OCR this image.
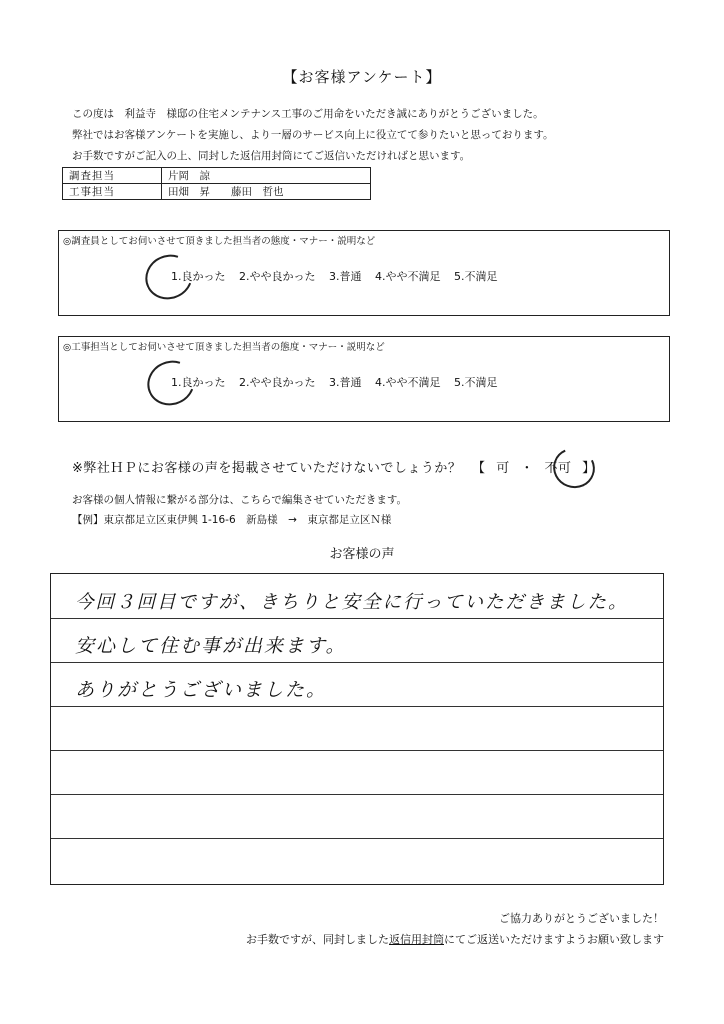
【お客様アンケート】
この度は　利益寺　様邸の住宅メンテナンス工事のご用命をいただき誠にありがとうございました。
弊社ではお客様アンケートを実施し、より一層のサービス向上に役立てて参りたいと思っております。
お手数ですがご記入の上、同封した返信用封筒にてご返信いただければと思います。
調査担当	片岡　諒
工事担当	田畑　昇　　藤田　哲也
◎調査員としてお伺いさせて頂きました担当者の態度・マナー・説明など
1.良かった 2.やや良かった 3.普通 4.やや不満足 5.不満足
◎工事担当としてお伺いさせて頂きました担当者の態度・マナー・説明など
1.良かった 2.やや良かった 3.普通 4.やや不満足 5.不満足
※弊社ＨＰにお客様の声を掲載させていただけないでしょうか？ 【 可 ・ 不可 】
お客様の個人情報に繋がる部分は、こちらで編集させていただきます。
【例】東京都足立区東伊興 1-16-6　新島様　→　東京都足立区Ｎ様
お客様の声
今回３回目ですが、きちりと安全に行っていただきました。
安心して住む事が出来ます。
ありがとうございました。
ご協力ありがとうございました！
お手数ですが、同封しました返信用封筒にてご返送いただけますようお願い致します
